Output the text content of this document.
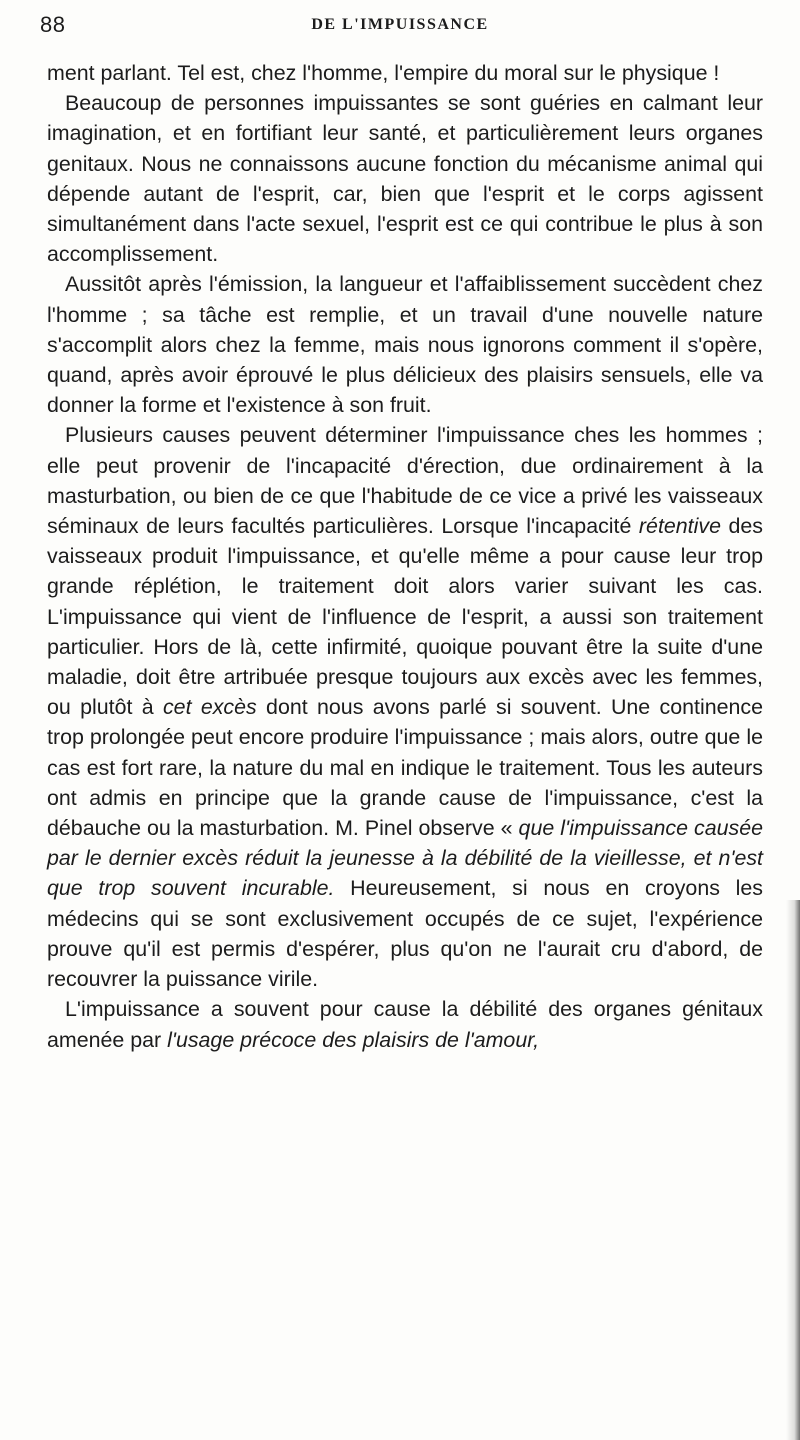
88	DE L'IMPUISSANCE

ment parlant. Tel est, chez l'homme, l'empire du moral sur le physique !

Beaucoup de personnes impuissantes se sont guéries en calmant leur imagination, et en fortifiant leur santé, et particulièrement leurs organes genitaux. Nous ne connaissons aucune fonction du mécanisme animal qui dépende autant de l'esprit, car, bien que l'esprit et le corps agissent simultanément dans l'acte sexuel, l'esprit est ce qui contribue le plus à son accomplissement.

Aussitôt après l'émission, la langueur et l'affaiblissement succèdent chez l'homme ; sa tâche est remplie, et un travail d'une nouvelle nature s'accomplit alors chez la femme, mais nous ignorons comment il s'opère, quand, après avoir éprouvé le plus délicieux des plaisirs sensuels, elle va donner la forme et l'existence à son fruit.

Plusieurs causes peuvent déterminer l'impuissance ches les hommes ; elle peut provenir de l'incapacité d'érection, due ordinairement à la masturbation, ou bien de ce que l'habitude de ce vice a privé les vaisseaux séminaux de leurs facultés particulières. Lorsque l'incapacité rétentive des vaisseaux produit l'impuissance, et qu'elle même a pour cause leur trop grande réplétion, le traitement doit alors varier suivant les cas. L'impuissance qui vient de l'influence de l'esprit, a aussi son traitement particulier. Hors de là, cette infirmité, quoique pouvant être la suite d'une maladie, doit être artribuée presque toujours aux excès avec les femmes, ou plutôt à cet excès dont nous avons parlé si souvent. Une continence trop prolongée peut encore produire l'impuissance ; mais alors, outre que le cas est fort rare, la nature du mal en indique le traitement. Tous les auteurs ont admis en principe que la grande cause de l'impuissance, c'est la débauche ou la masturbation. M. Pinel observe « que l'impuissance causée par le dernier excès réduit la jeunesse à la débilité de la vieillesse, et n'est que trop souvent incurable. Heureusement, si nous en croyons les médecins qui se sont exclusivement occupés de ce sujet, l'expérience prouve qu'il est permis d'espérer, plus qu'on ne l'aurait cru d'abord, de recouvrer la puissance virile.

L'impuissance a souvent pour cause la débilité des organes génitaux amenée par l'usage précoce des plaisirs de l'amour,
